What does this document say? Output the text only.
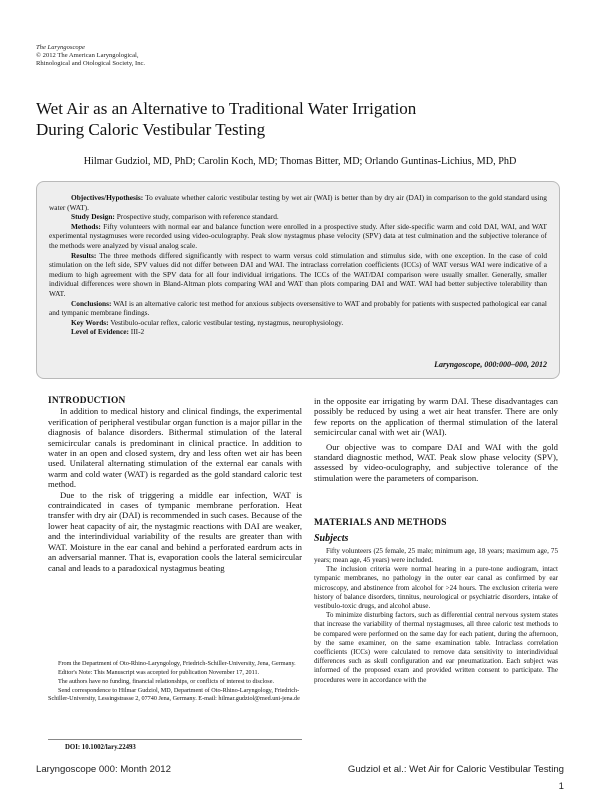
The Laryngoscope
© 2012 The American Laryngological,
Rhinological and Otological Society, Inc.
Wet Air as an Alternative to Traditional Water Irrigation
During Caloric Vestibular Testing
Hilmar Gudziol, MD, PhD; Carolin Koch, MD; Thomas Bitter, MD; Orlando Guntinas-Lichius, MD, PhD

Objectives/Hypothesis: To evaluate whether caloric vestibular testing by wet air (WAI) is better than by dry air (DAI) in comparison to the gold standard using water (WAT).

Study Design: Prospective study, comparison with reference standard.

Methods: Fifty volunteers with normal ear and balance function were enrolled in a prospective study. After side-specific warm and cold DAI, WAI, and WAT experimental nystagmuses were recorded using video-oculography. Peak slow nystagmus phase velocity (SPV) data at test culmination and the subjective tolerance of the methods were analyzed by visual analog scale.

Results: The three methods differed significantly with respect to warm versus cold stimulation and stimulus side, with one exception. In the case of cold stimulation on the left side, SPV values did not differ between DAI and WAI. The intraclass correlation coefficients (ICCs) of WAT versus WAI were indicative of a medium to high agreement with the SPV data for all four individual irrigations. The ICCs of the WAT/DAI comparison were usually smaller. Generally, smaller individual differences were shown in Bland-Altman plots comparing WAI and WAT than plots comparing DAI and WAT. WAI had better subjective tolerability than WAT.

Conclusions: WAI is an alternative caloric test method for anxious subjects oversensitive to WAT and probably for patients with suspected pathological ear canal and tympanic membrane findings.

Key Words: Vestibulo-ocular reflex, caloric vestibular testing, nystagmus, neurophysiology.

Level of Evidence: III-2

Laryngoscope, 000:000–000, 2012
INTRODUCTION

In addition to medical history and clinical findings, the experimental verification of peripheral vestibular organ function is a major pillar in the diagnosis of balance disorders. Bithermal stimulation of the lateral semicircular canals is predominant in clinical practice. In addition to water in an open and closed system, dry and less often wet air has been used. Unilateral alternating stimulation of the external ear canals with warm and cold water (WAT) is regarded as the gold standard caloric test method.

Due to the risk of triggering a middle ear infection, WAT is contraindicated in cases of tympanic membrane perforation. Heat transfer with dry air (DAI) is recommended in such cases. Because of the lower heat capacity of air, the nystagmic reactions with DAI are weaker, and the interindividual variability of the results are greater than with WAT. Moisture in the ear canal and behind a perforated eardrum acts in an adversarial manner. That is, evaporation cools the lateral semicircular canal and leads to a paradoxical nystagmus beating

From the Department of Oto-Rhino-Laryngology, Friedrich-Schiller-University, Jena, Germany.

Editor's Note: This Manuscript was accepted for publication November 17, 2011.

The authors have no funding, financial relationships, or conflicts of interest to disclose.

Send correspondence to Hilmar Gudziol, MD, Department of Oto-Rhino-Laryngology, Friedrich-Schiller-University, Lessingstrasse 2, 07740 Jena, Germany. E-mail: hilmar.gudziol@med.uni-jena.de

DOI: 10.1002/lary.22493

in the opposite ear irrigating by warm DAI. These disadvantages can possibly be reduced by using a wet air heat transfer. There are only few reports on the application of thermal stimulation of the lateral semicircular canal with wet air (WAI).

Our objective was to compare DAI and WAI with the gold standard diagnostic method, WAT. Peak slow phase velocity (SPV), assessed by video-oculography, and subjective tolerance of the stimulation were the parameters of comparison.

MATERIALS AND METHODS
Subjects

Fifty volunteers (25 female, 25 male; minimum age, 18 years; maximum age, 75 years; mean age, 45 years) were included.

The inclusion criteria were normal hearing in a pure-tone audiogram, intact tympanic membranes, no pathology in the outer ear canal as confirmed by ear microscopy, and abstinence from alcohol for >24 hours. The exclusion criteria were history of balance disorders, tinnitus, neurological or psychiatric disorders, intake of vestibulo-toxic drugs, and alcohol abuse.

To minimize disturbing factors, such as differential central nervous system states that increase the variability of thermal nystagmuses, all three caloric test methods to be compared were performed on the same day for each patient, during the afternoon, by the same examiner, on the same examination table. Intraclass correlation coefficients (ICCs) were calculated to remove data sensitivity to interindividual differences such as skull configuration and ear pneumatization. Each subject was informed of the proposed exam and provided written consent to participate. The procedures were in accordance with the

Laryngoscope 000: Month 2012	Gudziol et al.: Wet Air for Caloric Vestibular Testing
1
